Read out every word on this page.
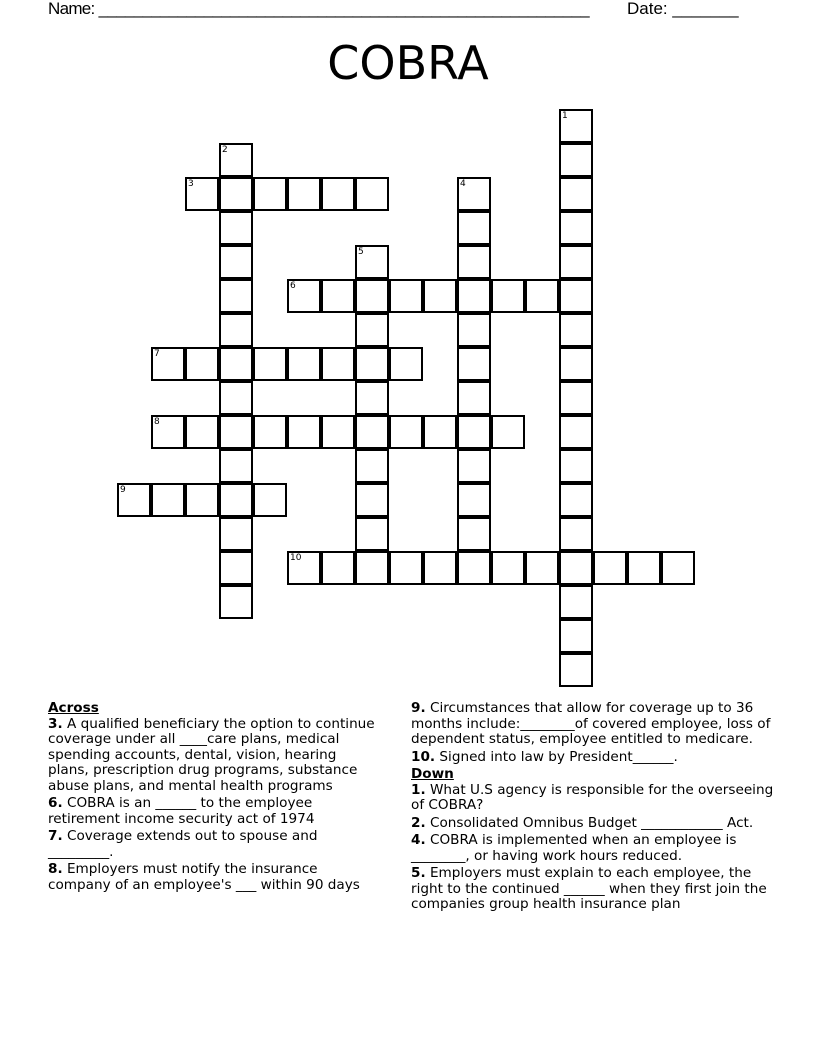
Name: ________________________________________________________ Date: _______
COBRA
1
2
3	4
5
6
7
8
9
10
Across
3. A qualified beneficiary the option to continue coverage under all ____care plans, medical spending accounts, dental, vision, hearing plans, prescription drug programs, substance abuse plans, and mental health programs
6. COBRA is an ______ to the employee retirement income security act of 1974
7. Coverage extends out to spouse and _________.
8. Employers must notify the insurance company of an employee's ___ within 90 days
9. Circumstances that allow for coverage up to 36 months include:________of covered employee, loss of dependent status, employee entitled to medicare.
10. Signed into law by President______.
Down
1. What U.S agency is responsible for the overseeing of COBRA?
2. Consolidated Omnibus Budget ____________ Act.
4. COBRA is implemented when an employee is ________, or having work hours reduced.
5. Employers must explain to each employee, the right to the continued ______ when they first join the companies group health insurance plan
